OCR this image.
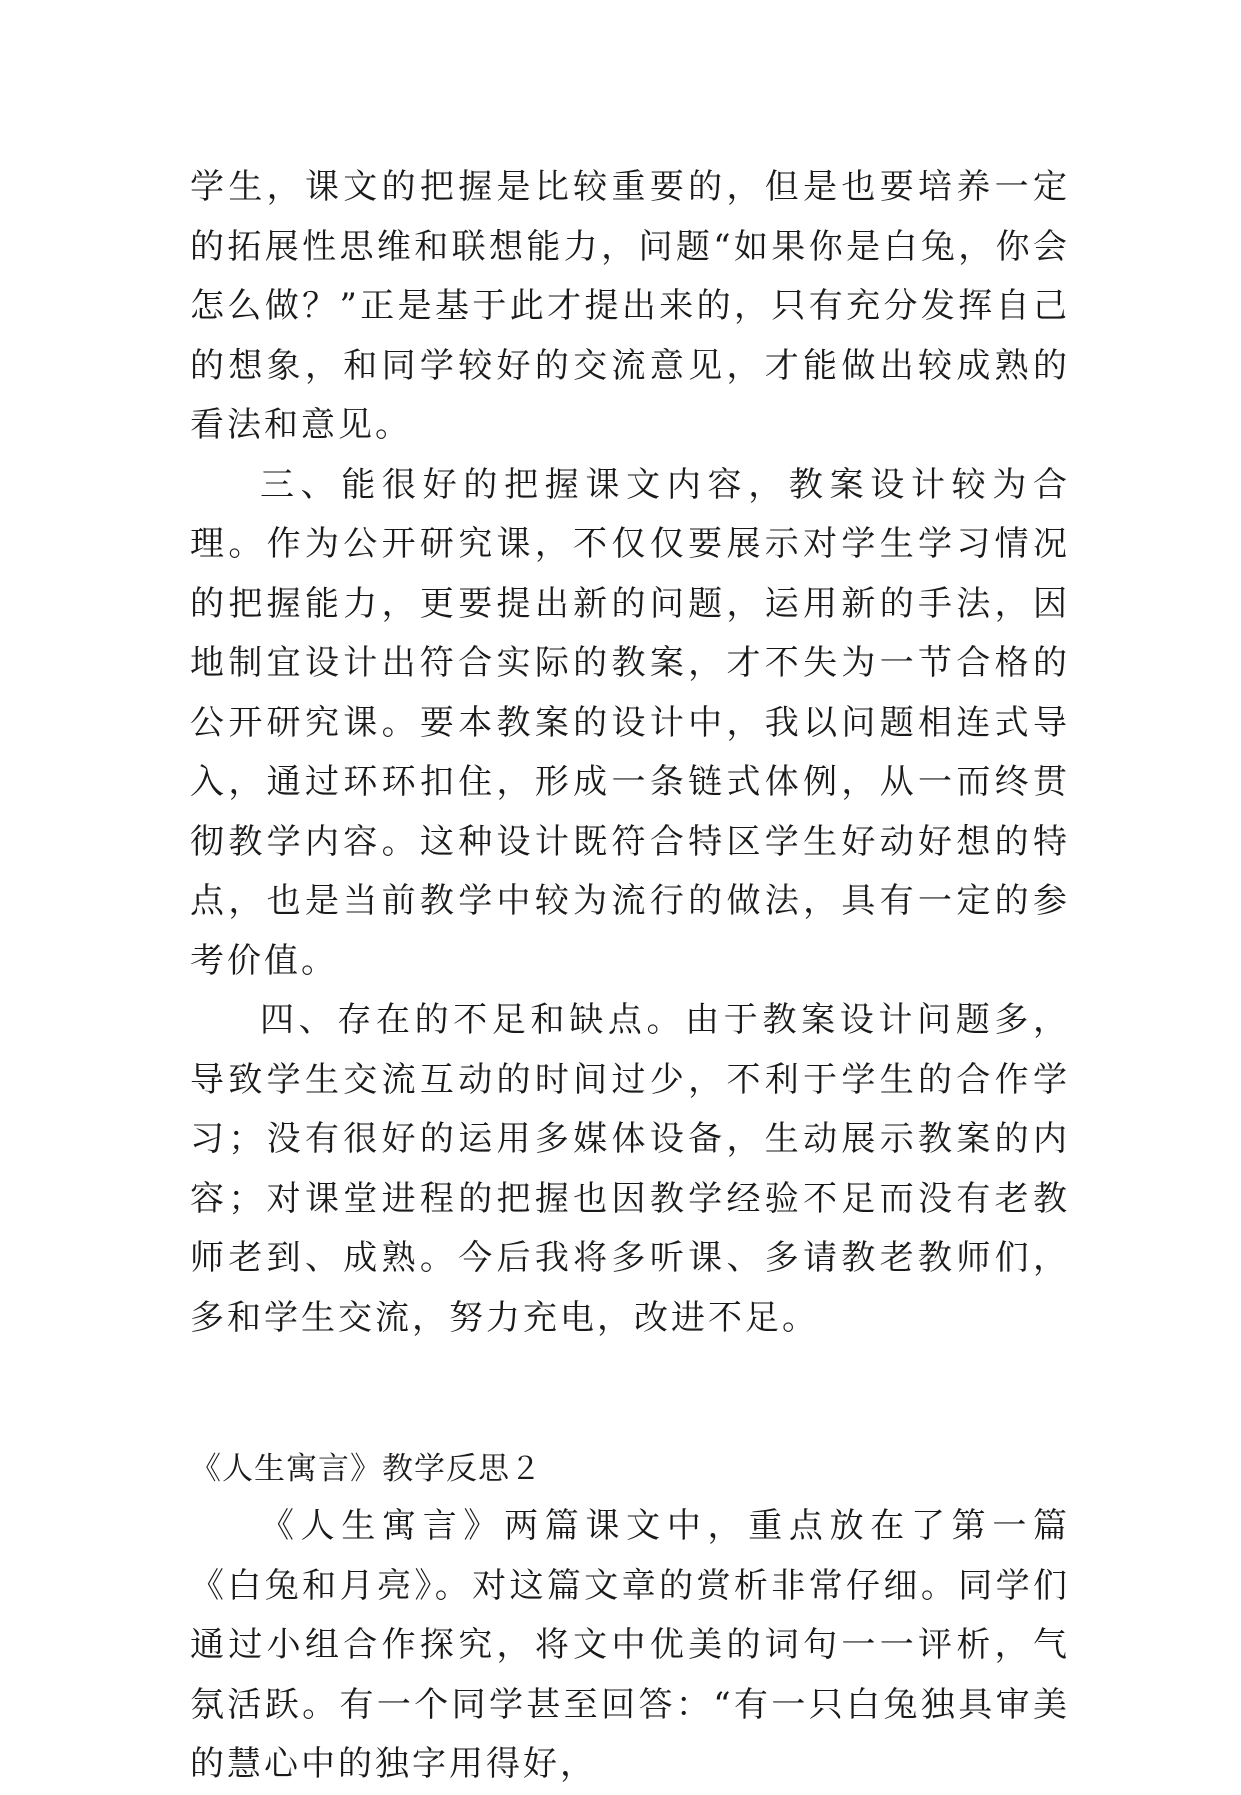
学生，课文的把握是比较重要的，但是也要培养一定的拓展性思维和联想能力，问题“如果你是白兔，你会怎么做？”正是基于此才提出来的，只有充分发挥自己的想象，和同学较好的交流意见，才能做出较成熟的看法和意见。

三、能很好的把握课文内容，教案设计较为合理。作为公开研究课，不仅仅要展示对学生学习情况的把握能力，更要提出新的问题，运用新的手法，因地制宜设计出符合实际的教案，才不失为一节合格的公开研究课。要本教案的设计中，我以问题相连式导入，通过环环扣住，形成一条链式体例，从一而终贯彻教学内容。这种设计既符合特区学生好动好想的特点，也是当前教学中较为流行的做法，具有一定的参考价值。

四、存在的不足和缺点。由于教案设计问题多，导致学生交流互动的时间过少，不利于学生的合作学习；没有很好的运用多媒体设备，生动展示教案的内容；对课堂进程的把握也因教学经验不足而没有老教师老到、成熟。今后我将多听课、多请教老教师们，多和学生交流，努力充电，改进不足。

《人生寓言》教学反思２

《人生寓言》两篇课文中，重点放在了第一篇《白兔和月亮》。对这篇文章的赏析非常仔细。同学们通过小组合作探究，将文中优美的词句一一评析，气氛活跃。有一个同学甚至回答：“有一只白兔独具审美的慧心中的独字用得好，
